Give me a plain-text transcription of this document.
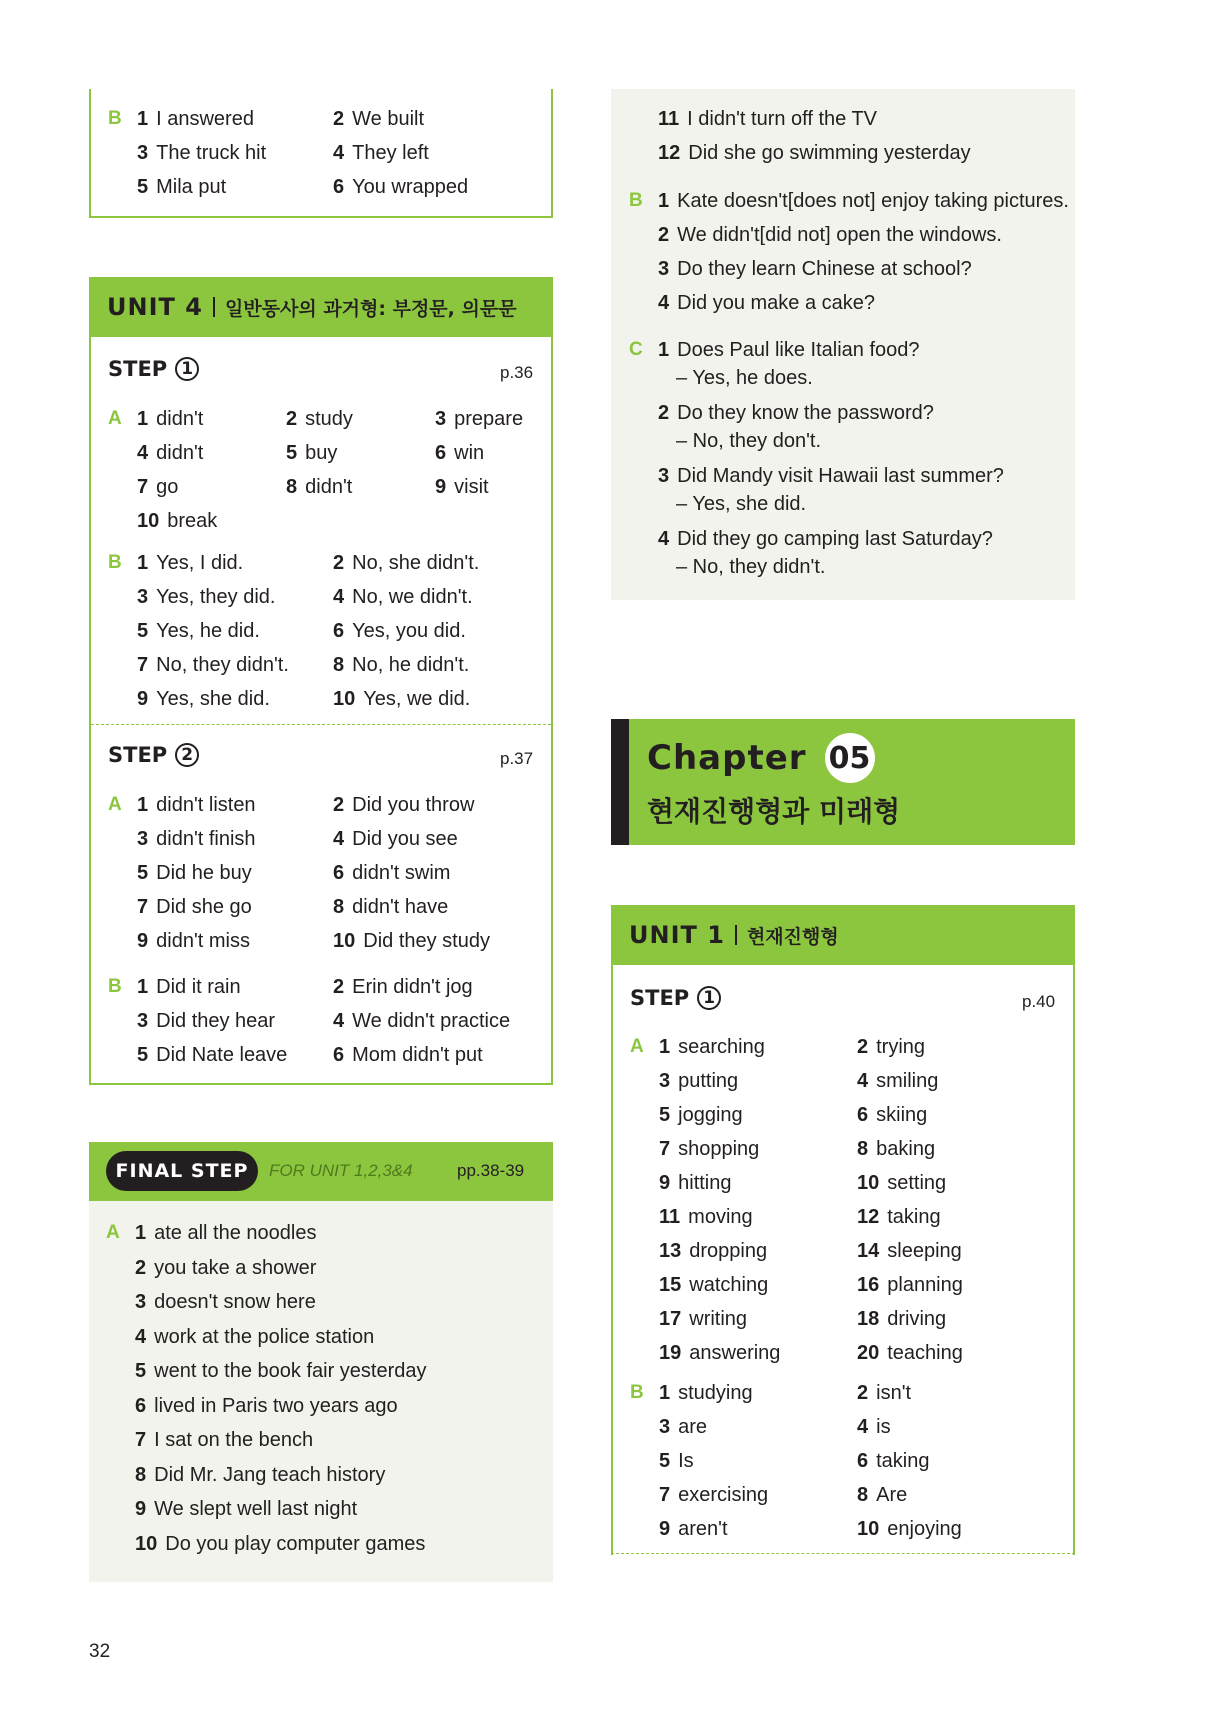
B 1 I answered	2 We built
3 The truck hit	4 They left
5 Mila put	6 You wrapped
UNIT 4 일반동사의 과거형: 부정문, 의문문
STEP 1	p.36
A 1 didn't	2 study	3 prepare
4 didn't	5 buy	6 win
7 go	8 didn't	9 visit
10 break
B 1 Yes, I did.	2 No, she didn't.
3 Yes, they did.	4 No, we didn't.
5 Yes, he did.	6 Yes, you did.
7 No, they didn't. 8 No, he didn't.
9 Yes, she did.	10 Yes, we did.
STEP 2	p.37
A 1 didn't listen	2 Did you throw
3 didn't finish	4 Did you see
5 Did he buy	6 didn't swim
7 Did she go	8 didn't have
9 didn't miss	10 Did they study
B 1 Did it rain	2 Erin didn't jog
3 Did they hear	4 We didn't practice
5 Did Nate leave 6 Mom didn't put
FINAL STEP FOR UNIT 1,2,3&4	pp.38-39
A 1 ate all the noodles
2 you take a shower
3 doesn't snow here
4 work at the police station
5 went to the book fair yesterday
6 lived in Paris two years ago
7 I sat on the bench
8 Did Mr. Jang teach history
9 We slept well last night
10 Do you play computer games
32
11 I didn't turn off the TV
12 Did she go swimming yesterday
B 1 Kate doesn't[does not] enjoy taking pictures.
2 We didn't[did not] open the windows.
3 Do they learn Chinese at school?
4 Did you make a cake?
C 1 Does Paul like Italian food?
– Yes, he does.
2 Do they know the password?
– No, they don't.
3 Did Mandy visit Hawaii last summer?
– Yes, she did.
4 Did they go camping last Saturday?
– No, they didn't.
Chapter 05
현재진행형과 미래형
UNIT 1 현재진행형
STEP 1	p.40
A 1 searching	2 trying
3 putting	4 smiling
5 jogging	6 skiing
7 shopping	8 baking
9 hitting	10 setting
11 moving	12 taking
13 dropping	14 sleeping
15 watching	16 planning
17 writing	18 driving
19 answering	20 teaching
B 1 studying	2 isn't
3 are	4 is
5 Is	6 taking
7 exercising	8 Are
9 aren't	10 enjoying
